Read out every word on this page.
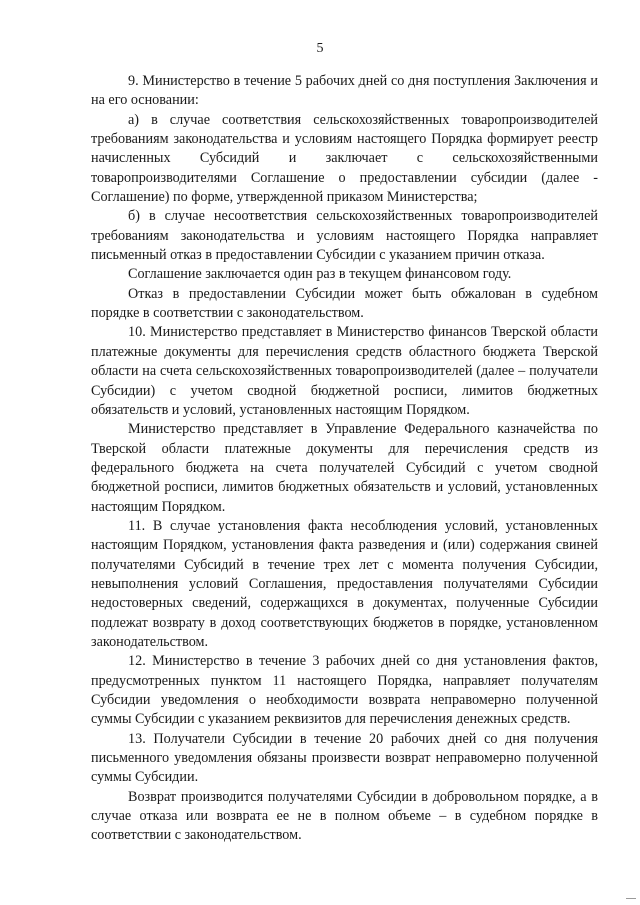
5

9. Министерство в течение 5 рабочих дней со дня поступления Заключения и на его основании:

а) в случае соответствия сельскохозяйственных товаропроизводителей требованиям законодательства и условиям настоящего Порядка формирует реестр начисленных Субсидий и заключает с сельскохозяйственными товаропроизводителями Соглашение о предоставлении субсидии (далее - Соглашение) по форме, утвержденной приказом Министерства;

б) в случае несоответствия сельскохозяйственных товаропроизводителей требованиям законодательства и условиям настоящего Порядка направляет письменный отказ в предоставлении Субсидии с указанием причин отказа.

Соглашение заключается один раз в текущем финансовом году.

Отказ в предоставлении Субсидии может быть обжалован в судебном порядке в соответствии с законодательством.

10. Министерство представляет в Министерство финансов Тверской области платежные документы для перечисления средств областного бюджета Тверской области на счета сельскохозяйственных товаропроизводителей (далее – получатели Субсидии) с учетом сводной бюджетной росписи, лимитов бюджетных обязательств и условий, установленных настоящим Порядком.

Министерство представляет в Управление Федерального казначейства по Тверской области платежные документы для перечисления средств из федерального бюджета на счета получателей Субсидий с учетом сводной бюджетной росписи, лимитов бюджетных обязательств и условий, установленных настоящим Порядком.

11. В случае установления факта несоблюдения условий, установленных настоящим Порядком, установления факта разведения и (или) содержания свиней получателями Субсидий в течение трех лет с момента получения Субсидии, невыполнения условий Соглашения, предоставления получателями Субсидии недостоверных сведений, содержащихся в документах, полученные Субсидии подлежат возврату в доход соответствующих бюджетов в порядке, установленном законодательством.

12. Министерство в течение 3 рабочих дней со дня установления фактов, предусмотренных пунктом 11 настоящего Порядка, направляет получателям Субсидии уведомления о необходимости возврата неправомерно полученной суммы Субсидии с указанием реквизитов для перечисления денежных средств.

13. Получатели Субсидии в течение 20 рабочих дней со дня получения письменного уведомления обязаны произвести возврат неправомерно полученной суммы Субсидии.

Возврат производится получателями Субсидии в добровольном порядке, а в случае отказа или возврата ее не в полном объеме – в судебном порядке в соответствии с законодательством.
